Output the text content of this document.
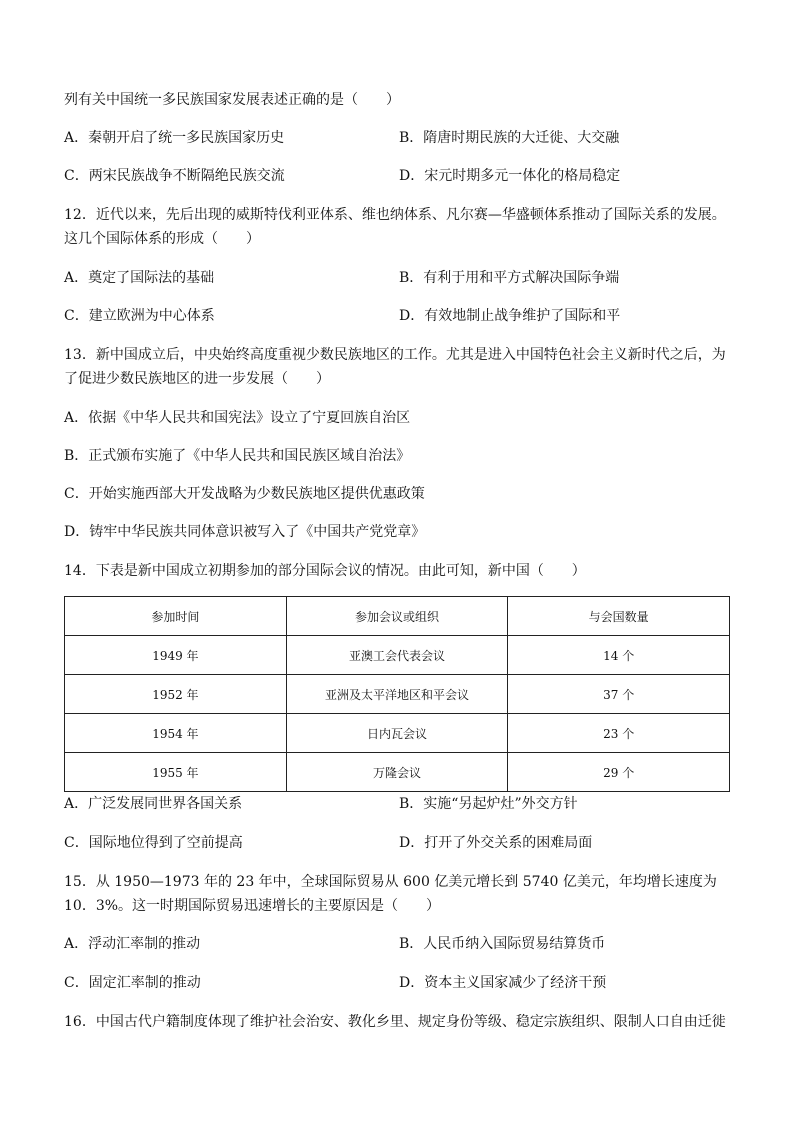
列有关中国统一多民族国家发展表述正确的是（　　）
A．秦朝开启了统一多民族国家历史	B．隋唐时期民族的大迁徙、大交融
C．两宋民族战争不断隔绝民族交流	D．宋元时期多元一体化的格局稳定
12．近代以来，先后出现的威斯特伐利亚体系、维也纳体系、凡尔赛—华盛顿体系推动了国际关系的发展。
这几个国际体系的形成（　　）
A．奠定了国际法的基础	B．有利于用和平方式解决国际争端
C．建立欧洲为中心体系	D．有效地制止战争维护了国际和平
13．新中国成立后，中央始终高度重视少数民族地区的工作。尤其是进入中国特色社会主义新时代之后，为
了促进少数民族地区的进一步发展（　　）
A．依据《中华人民共和国宪法》设立了宁夏回族自治区
B．正式颁布实施了《中华人民共和国民族区域自治法》
C．开始实施西部大开发战略为少数民族地区提供优惠政策
D．铸牢中华民族共同体意识被写入了《中国共产党党章》
14．下表是新中国成立初期参加的部分国际会议的情况。由此可知，新中国（　　）
参加时间	参加会议或组织	与会国数量
1949 年	亚澳工会代表会议	14 个
1952 年	亚洲及太平洋地区和平会议	37 个
1954 年	日内瓦会议	23 个
1955 年	万隆会议	29 个
A．广泛发展同世界各国关系	B．实施“另起炉灶”外交方针
C．国际地位得到了空前提高	D．打开了外交关系的困难局面
15．从 1950—1973 年的 23 年中，全球国际贸易从 600 亿美元增长到 5740 亿美元，年均增长速度为
10．3%。这一时期国际贸易迅速增长的主要原因是（　　）
A．浮动汇率制的推动	B．人民币纳入国际贸易结算货币
C．固定汇率制的推动	D．资本主义国家减少了经济干预
16．中国古代户籍制度体现了维护社会治安、教化乡里、规定身份等级、稳定宗族组织、限制人口自由迁徙
